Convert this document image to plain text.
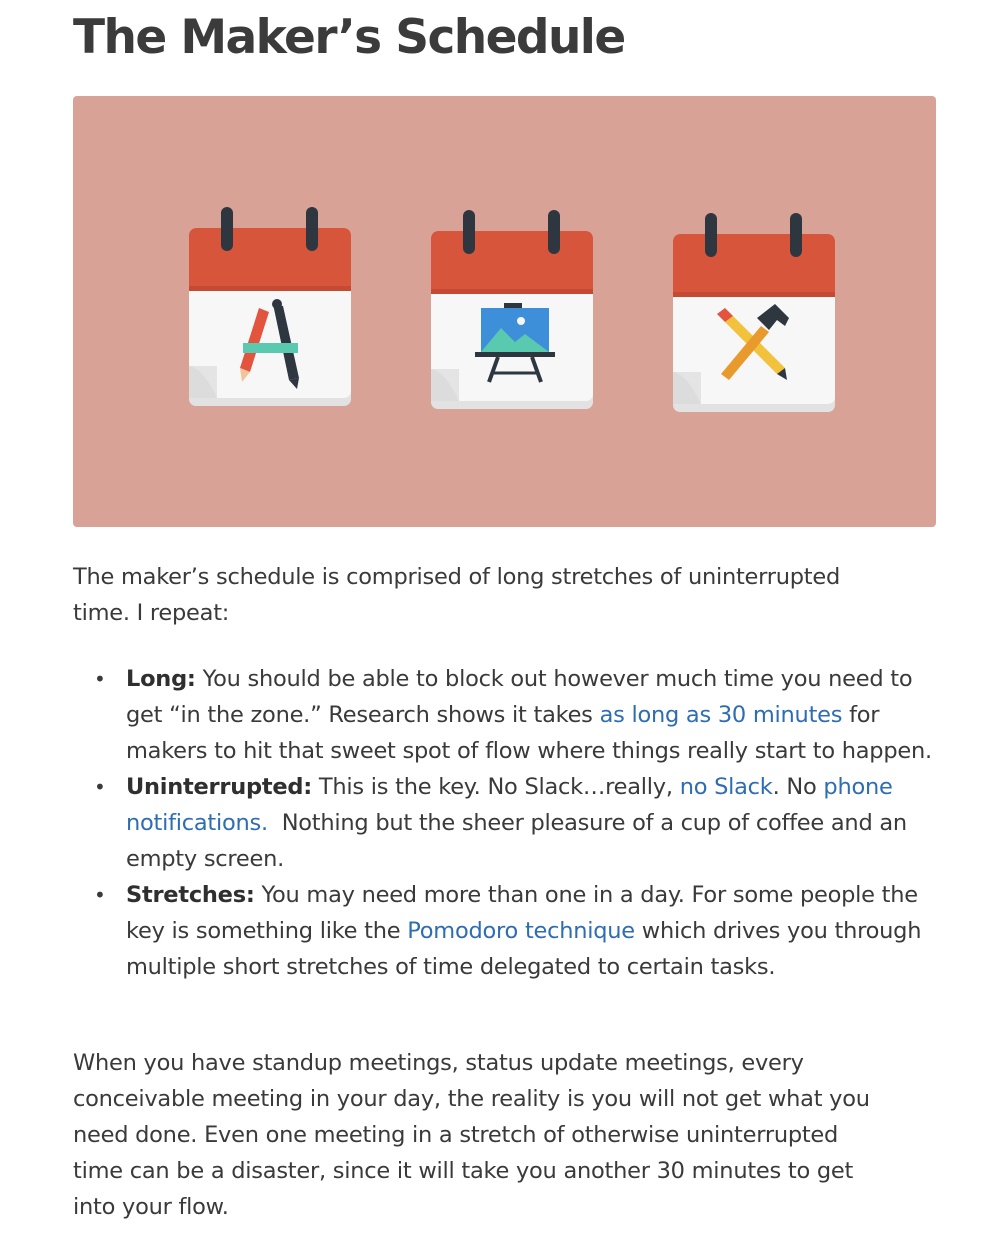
The Maker’s Schedule

The maker’s schedule is comprised of long stretches of uninterrupted
time. I repeat:

• Long: You should be able to block out however much time you need to get “in the zone.” Research shows it takes as long as 30 minutes for makers to hit that sweet spot of flow where things really start to happen.
• Uninterrupted: This is the key. No Slack…really, no Slack. No phone notifications.  Nothing but the sheer pleasure of a cup of coffee and an empty screen.
• Stretches: You may need more than one in a day. For some people the key is something like the Pomodoro technique which drives you through multiple short stretches of time delegated to certain tasks.

When you have standup meetings, status update meetings, every
conceivable meeting in your day, the reality is you will not get what you
need done. Even one meeting in a stretch of otherwise uninterrupted
time can be a disaster, since it will take you another 30 minutes to get
into your flow.
